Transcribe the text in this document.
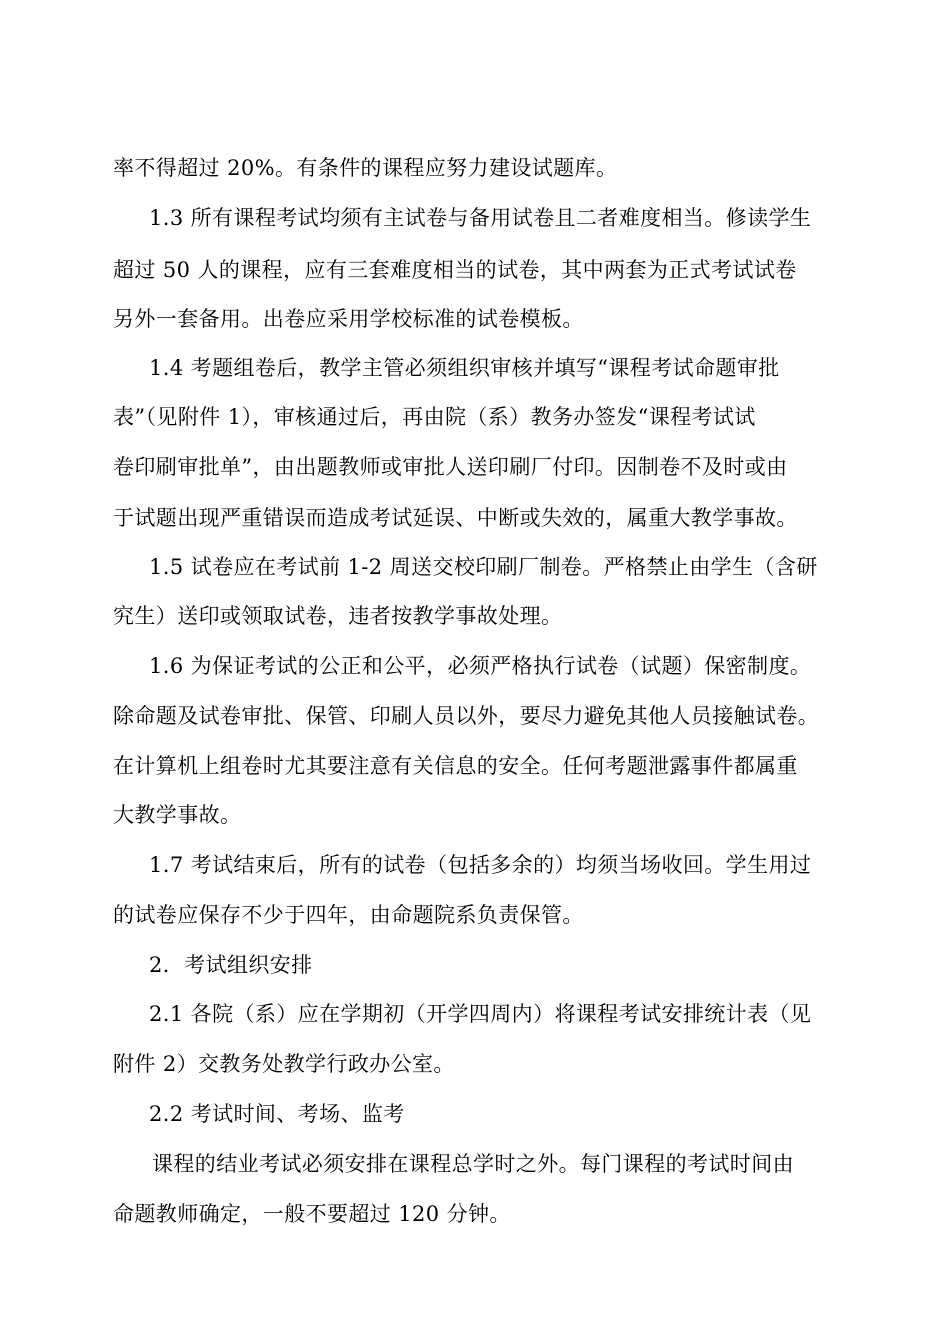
率不得超过 20%。有条件的课程应努力建设试题库。
1.3 所有课程考试均须有主试卷与备用试卷且二者难度相当。修读学生
超过 50 人的课程，应有三套难度相当的试卷，其中两套为正式考试试卷
另外一套备用。出卷应采用学校标准的试卷模板。
1.4 考题组卷后，教学主管必须组织审核并填写“课程考试命题审批
表”（见附件 1），审核通过后，再由院（系）教务办签发“课程考试试
卷印刷审批单”，由出题教师或审批人送印刷厂付印。因制卷不及时或由
于试题出现严重错误而造成考试延误、中断或失效的，属重大教学事故。
1.5 试卷应在考试前 1-2 周送交校印刷厂制卷。严格禁止由学生（含研
究生）送印或领取试卷，违者按教学事故处理。
1.6 为保证考试的公正和公平，必须严格执行试卷（试题）保密制度。
除命题及试卷审批、保管、印刷人员以外，要尽力避免其他人员接触试卷。
在计算机上组卷时尤其要注意有关信息的安全。任何考题泄露事件都属重
大教学事故。
1.7 考试结束后，所有的试卷（包括多余的）均须当场收回。学生用过
的试卷应保存不少于四年，由命题院系负责保管。
2．考试组织安排
2.1 各院（系）应在学期初（开学四周内）将课程考试安排统计表（见
附件 2）交教务处教学行政办公室。
2.2 考试时间、考场、监考
课程的结业考试必须安排在课程总学时之外。每门课程的考试时间由
命题教师确定，一般不要超过 120 分钟。
